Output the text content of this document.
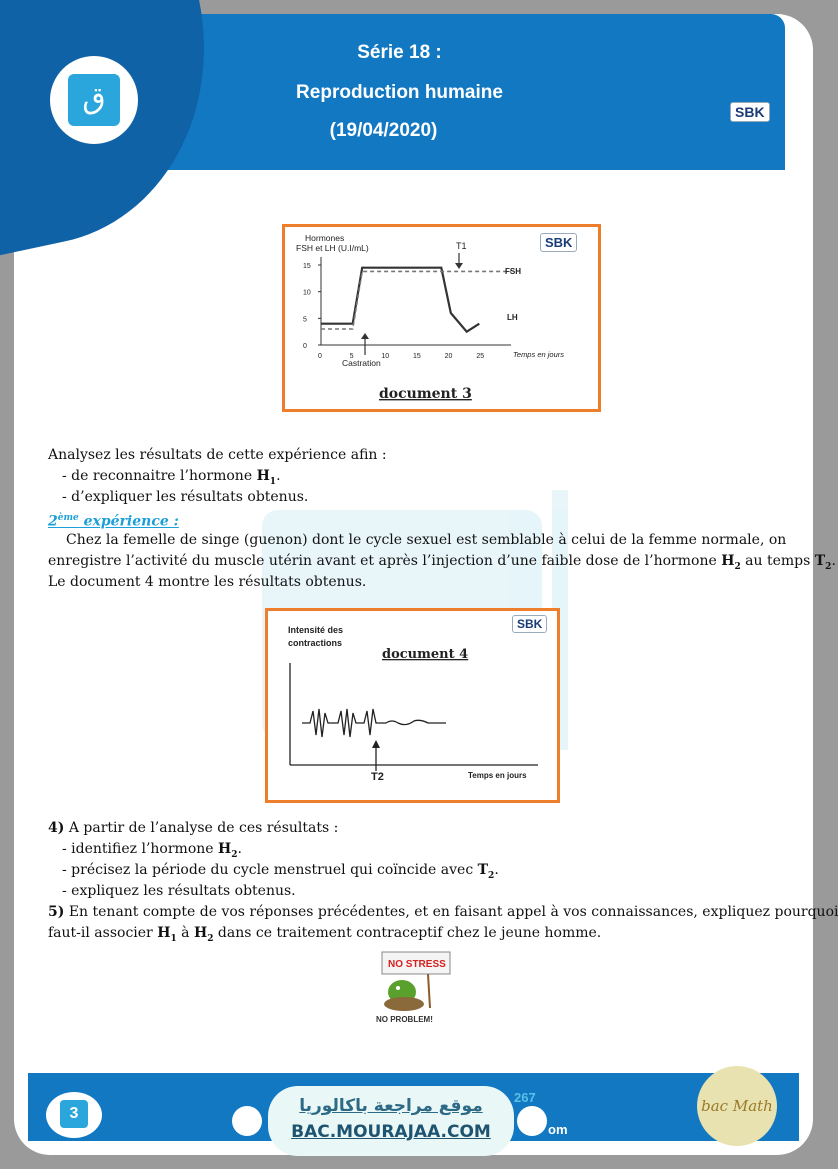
ق
Série 18 :
Reproduction humaine
(19/04/2020)
SBK
Hormones
FSH et LH (U.I/mL)
15
10
5
0
0	5	10	15	20	25
T1
FSH
LH
Castration
Temps en jours
document 3
SBK
Analysez les résultats de cette expérience afin :
- de reconnaitre l’hormone $H_1$.
- d’expliquer les résultats obtenus.
2ème expérience :
Chez la femelle de singe (guenon) dont le cycle sexuel est semblable à celui de la femme normale, on
enregistre l’activité du muscle utérin avant et après l’injection d’une faible dose de l’hormone $H_2$ au temps $T_2$.
Le document 4 montre les résultats obtenus.
Intensité des
contractions
document 4
T2	Temps en jours
SBK
4) A partir de l’analyse de ces résultats :
- identifiez l’hormone $H_2$.
- précisez la période du cycle menstruel qui coïncide avec $T_2$.
- expliquez les résultats obtenus.
5) En tenant compte de vos réponses précédentes, et en faisant appel à vos connaissances, expliquez pourquoi
faut-il associer $H_1$ à $H_2$ dans ce traitement contraceptif chez le jeune homme.
NO STRESS
NO PROBLEM!
3
267
om
موقع مراجعة باكالوريا
BAC.MOURAJAA.COM
bac Math
